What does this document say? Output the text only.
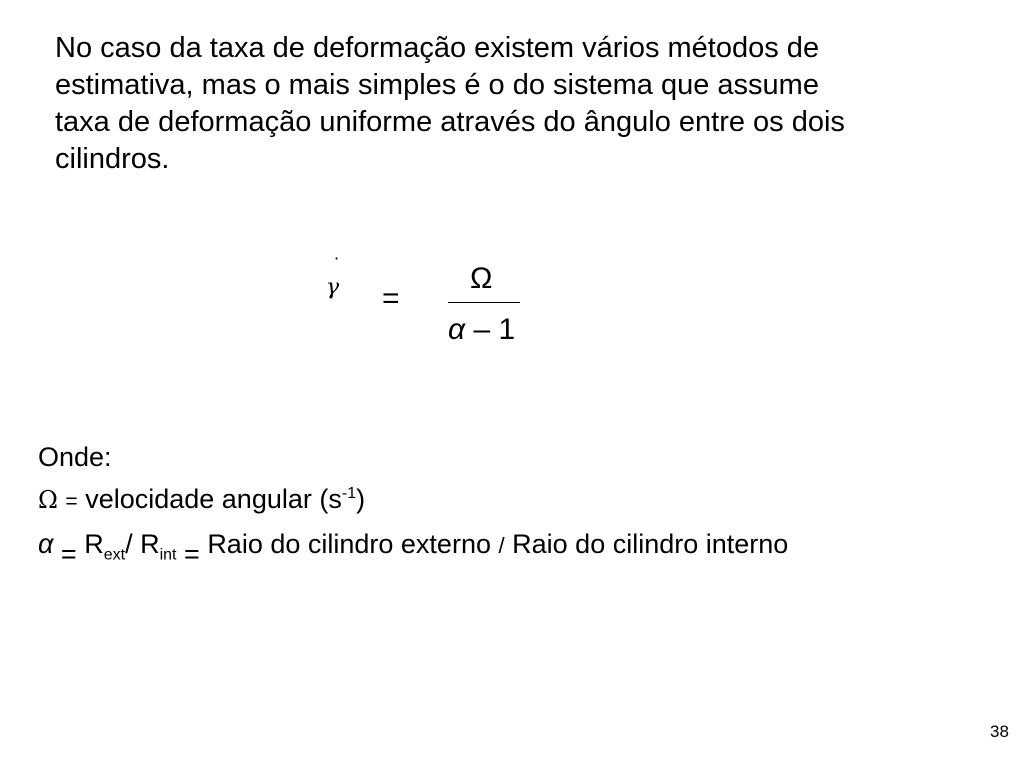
No caso da taxa de deformação existem vários métodos de
estimativa, mas o mais simples é o do sistema que assume
taxa de deformação uniforme através do ângulo entre os dois
cilindros.
·
γ =
Ω
α – 1
Onde:
Ω = velocidade angular $(s^{-1})$
$\alpha = R_{ext}/$ $R_{int}$ = Raio do cilindro externo / Raio do cilindro interno
38
